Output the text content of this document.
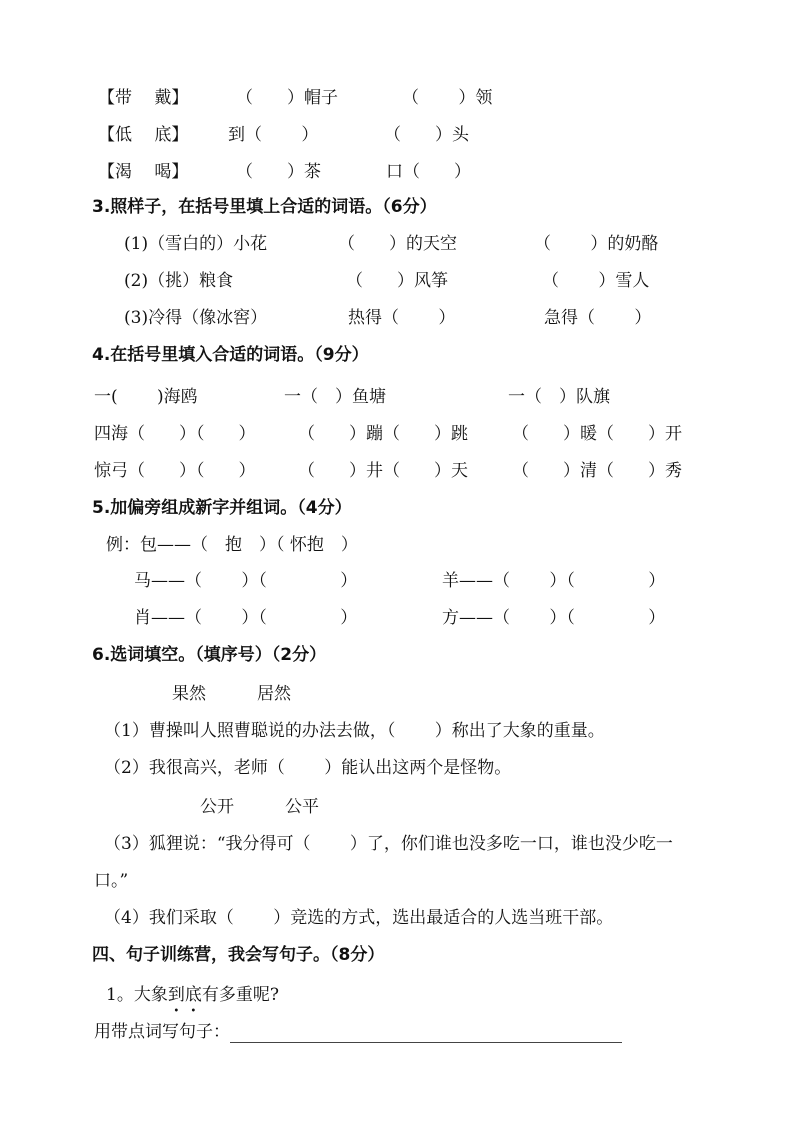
【带　 戴】	（　　）帽子	（　　 ）领
【低　 底】 到（　　 ）	（　　）头
【渴　 喝】	（　　）茶	口（　　）
3.照样子，在括号里填上合适的词语。（6分）
(1)（雪白的）小花	（　　）的天空	（　　 ）的奶酪
(2)（挑）粮食	（　　）风筝	（　　 ）雪人
(3)冷得（像冰窖）	热得（　　 ）	急得（　　 ）
4.在括号里填入合适的词语。（9分）
一(　　 )海鸥	一（　）鱼塘	一（　）队旗
四海（　　）（　　）	（　　）蹦（　　）跳	（　　）暖（　　）开
惊弓（　　）（　　）	（　　）井（　　）天	（　　）清（　　）秀
5.加偏旁组成新字并组词。（4分）
例：包——（　抱　）（ 怀抱　）
马——（　　 ）（　　　　 ）	羊——（　　 ）（　　　　 ）
肖——（　　 ）（　　　　 ）	方——（　　 ）（　　　　 ）
6.选词填空。（填序号）（2分）
果然　　　居然
（1）曹操叫人照曹聪说的办法去做，（　　 ）称出了大象的重量。
（2）我很高兴，老师（　　 ）能认出这两个是怪物。
公开　　　公平
（3）狐狸说：“我分得可（　　 ）了，你们谁也没多吃一口，谁也没少吃一
口。”
（4）我们采取（　　 ）竞选的方式，选出最适合的人选当班干部。
四、句子训练营，我会写句子。（8分）
1。大象到底有多重呢?
用带点词写句子：
